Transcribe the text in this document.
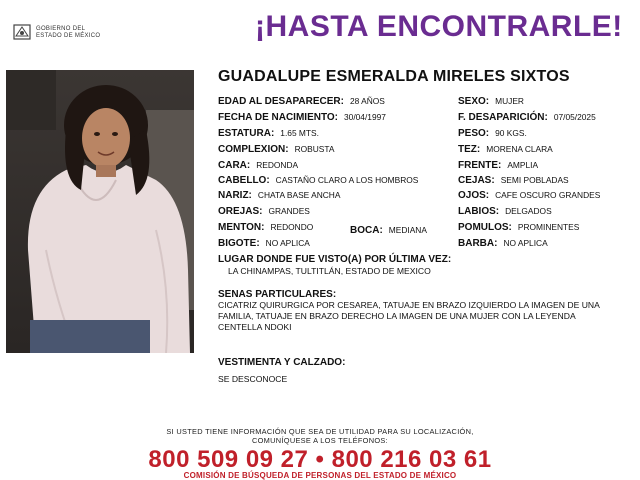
GOBIERNO DEL
ESTADO DE MÉXICO	¡HASTA ENCONTRARLE!
GUADALUPE ESMERALDA MIRELES SIXTOS
EDAD AL DESAPARECER: 28 AÑOS
FECHA DE NACIMIENTO: 30/04/1997
ESTATURA: 1.65 MTS.
COMPLEXION: ROBUSTA
CARA: REDONDA
CABELLO: CASTAÑO CLARO A LOS HOMBROS
NARIZ: CHATA BASE ANCHA
OREJAS: GRANDES
MENTON: REDONDO	BOCA: MEDIANA
BIGOTE: NO APLICA
SEXO: MUJER
F. DESAPARICIÓN: 07/05/2025
PESO: 90 KGS.
TEZ: MORENA CLARA
FRENTE: AMPLIA
CEJAS: SEMI POBLADAS
OJOS: CAFE OSCURO GRANDES
LABIOS: DELGADOS
POMULOS: PROMINENTES
BARBA: NO APLICA
LUGAR DONDE FUE VISTO(A) POR ÚLTIMA VEZ:
LA CHINAMPAS, TULTITLÁN, ESTADO DE MEXICO
SENAS PARTICULARES:
CICATRIZ QUIRURGICA POR CESAREA, TATUAJE EN BRAZO IZQUIERDO LA IMAGEN DE UNA FAMILIA, TATUAJE EN BRAZO DERECHO LA IMAGEN DE UNA MUJER CON LA LEYENDA CENTELLA NDOKI
VESTIMENTA Y CALZADO:
SE DESCONOCE
SI USTED TIENE INFORMACIÓN QUE SEA DE UTILIDAD PARA SU LOCALIZACIÓN,
COMUNÍQUESE A LOS TELÉFONOS:
800 509 09 27 • 800 216 03 61
COMISIÓN DE BÚSQUEDA DE PERSONAS DEL ESTADO DE MÉXICO
